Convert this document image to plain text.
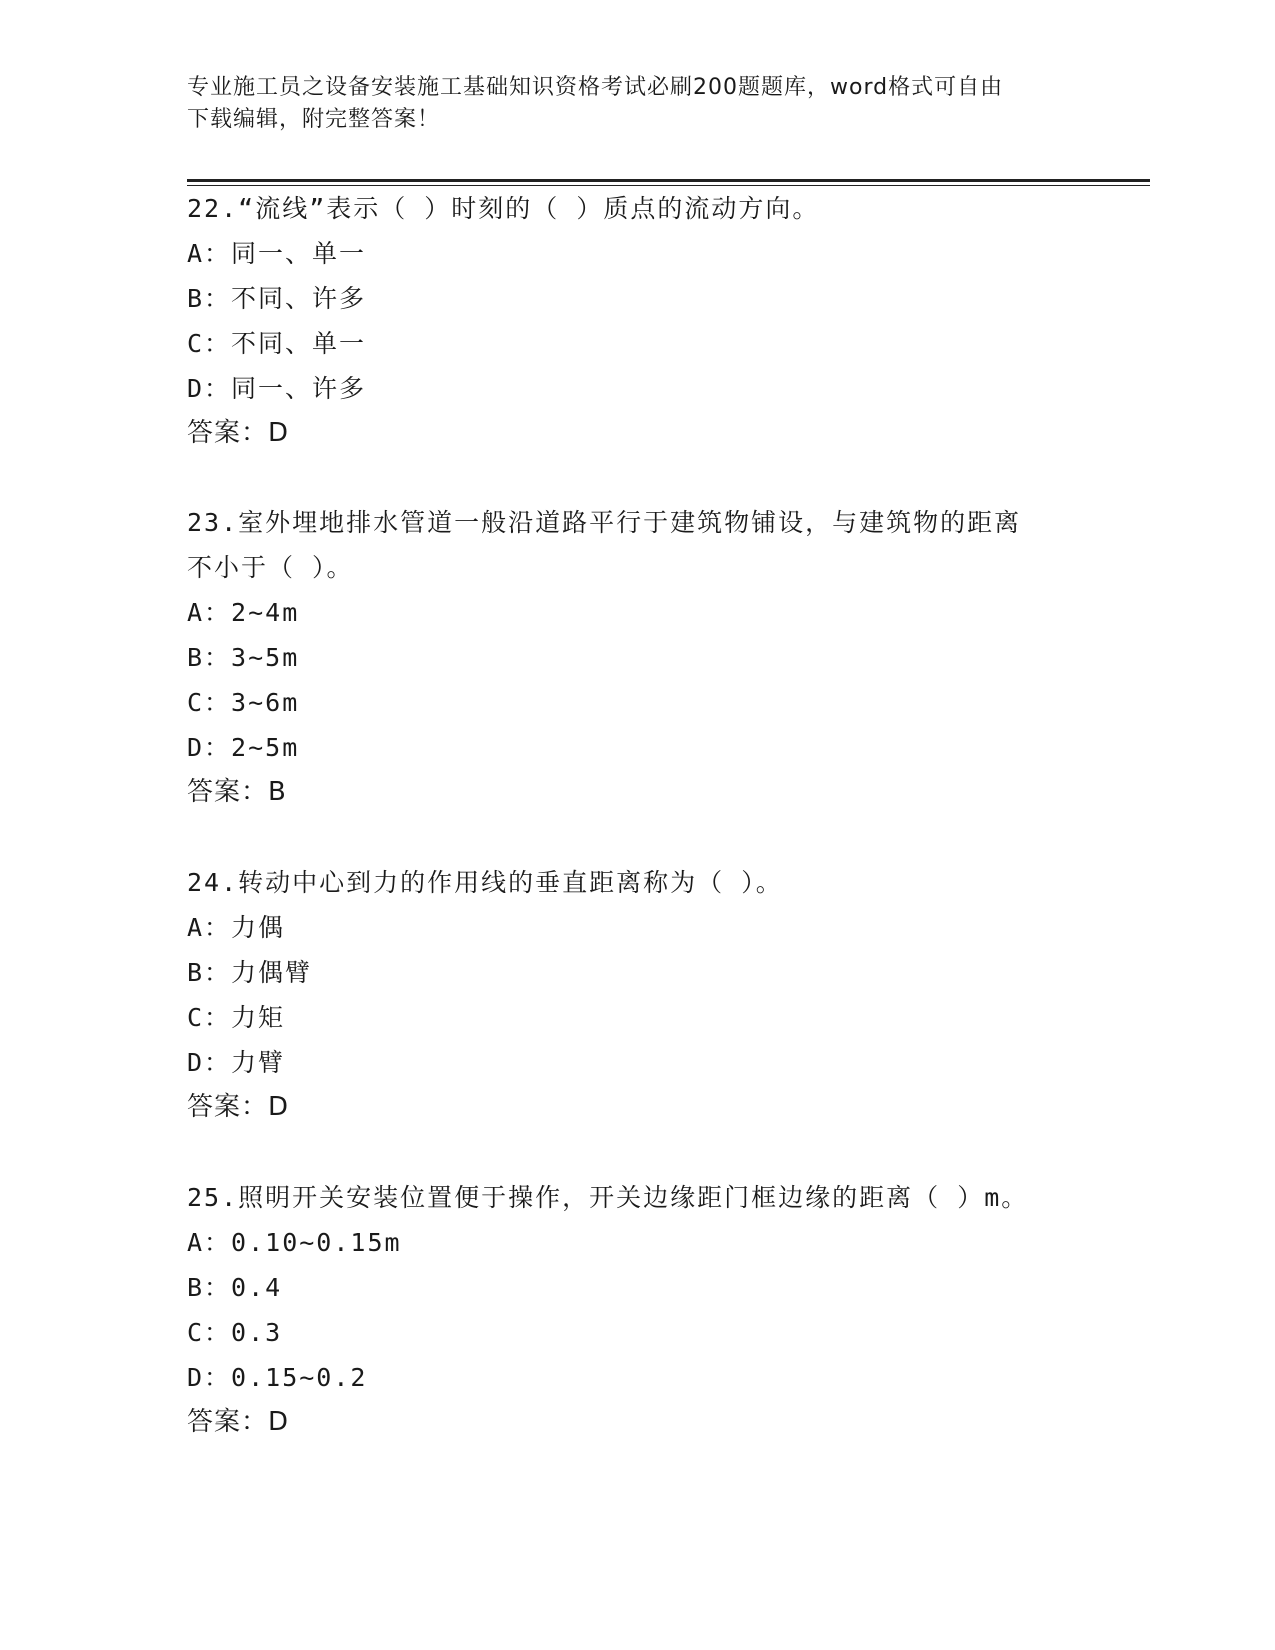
专业施工员之设备安装施工基础知识资格考试必刷200题题库，word格式可自由
下载编辑，附完整答案！
22.“流线”表示（ ）时刻的（ ）质点的流动方向。
A：同一、单一
B：不同、许多
C：不同、单一
D：同一、许多
答案：D
23.室外埋地排水管道一般沿道路平行于建筑物铺设，与建筑物的距离
不小于（ ）。
A：2~4m
B：3~5m
C：3~6m
D：2~5m
答案：B
24.转动中心到力的作用线的垂直距离称为（ ）。
A：力偶
B：力偶臂
C：力矩
D：力臂
答案：D
25.照明开关安装位置便于操作，开关边缘距门框边缘的距离（ ）m。
A：0.10~0.15m
B：0.4
C：0.3
D：0.15~0.2
答案：D
